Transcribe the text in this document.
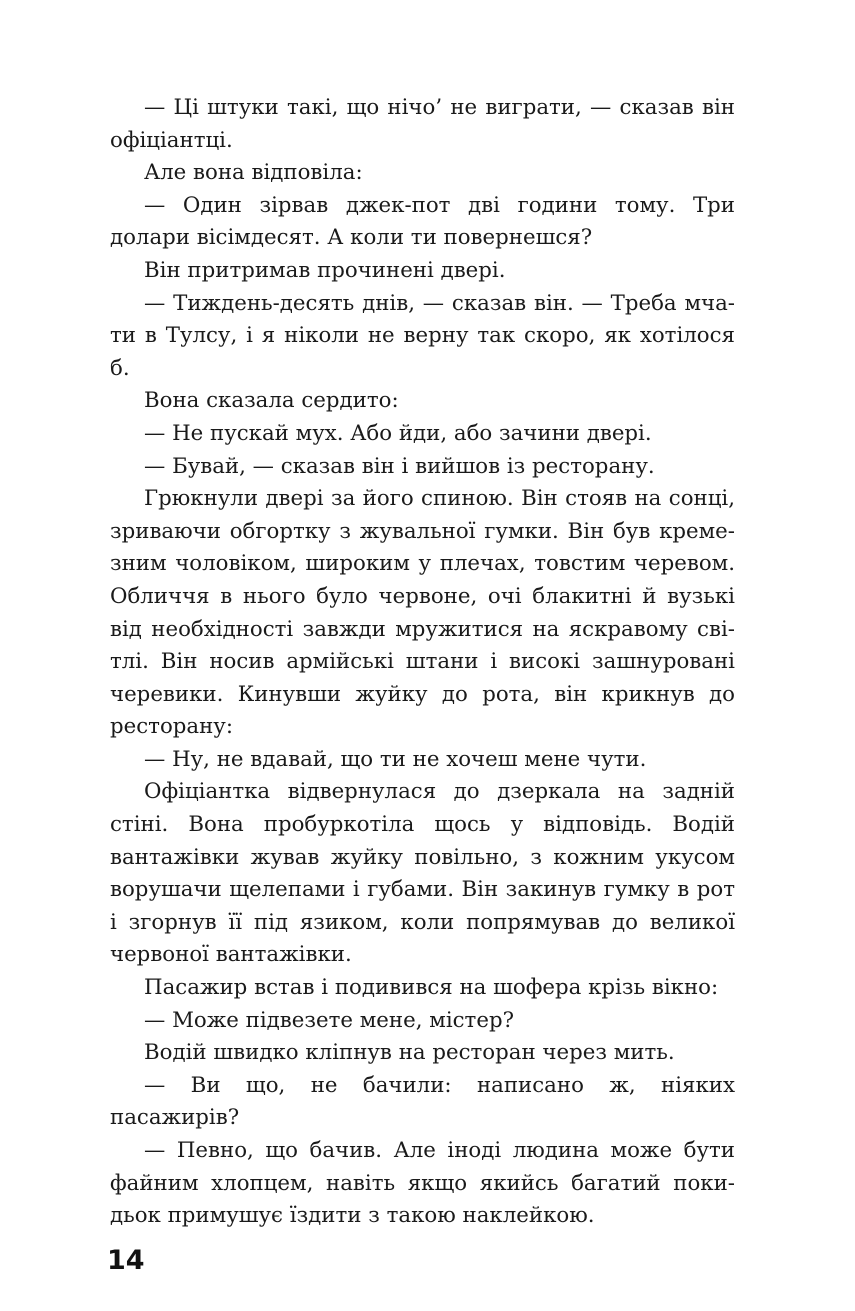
— Ці штуки такі, що нічо’ не виграти, — сказав він офіціантці.

Але вона відповіла:

— Один зірвав джек-пот дві години тому. Три долари вісімдесят. А коли ти повернешся?

Він притримав прочинені двері.

— Тиждень-десять днів, — сказав він. — Треба мчати в Тулсу, і я ніколи не верну так скоро, як хотілося б.

Вона сказала сердито:

— Не пускай мух. Або йди, або зачини двері.

— Бувай, — сказав він і вийшов із ресторану.

Грюкнули двері за його спиною. Він стояв на сонці, зриваючи обгортку з жувальної гумки. Він був кремезним чоловіком, широким у плечах, товстим черевом. Обличчя в нього було червоне, очі блакитні й вузькі від необхідності завжди мружитися на яскравому світлі. Він носив армійські штани і високі зашнуровані черевики. Кинувши жуйку до рота, він крикнув до ресторану:

— Ну, не вдавай, що ти не хочеш мене чути.

Офіціантка відвернулася до дзеркала на задній стіні. Вона пробуркотіла щось у відповідь. Водій вантажівки жував жуйку повільно, з кожним укусом ворушачи щелепами і губами. Він закинув гумку в рот і згорнув її під язиком, коли попрямував до великої червоної вантажівки.

Пасажир встав і подивився на шофера крізь вікно:

— Може підвезете мене, містер?

Водій швидко кліпнув на ресторан через мить.

— Ви що, не бачили: написано ж, ніяких пасажирів?

— Певно, що бачив. Але іноді людина може бути файним хлопцем, навіть якщо якийсь багатий покидьок примушує їздити з такою наклейкою.

14
